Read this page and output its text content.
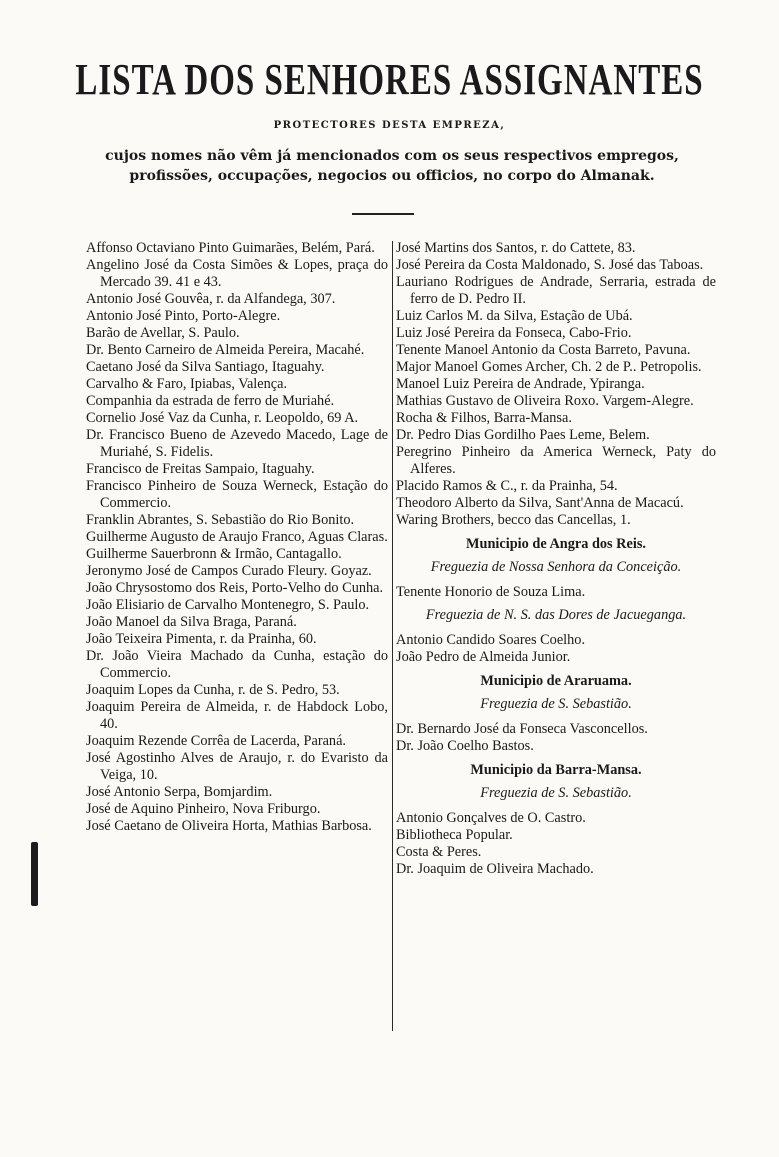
LISTA DOS SENHORES ASSIGNANTES
PROTECTORES DESTA EMPREZA,
cujos nomes não vêm já mencionados com os seus respectivos empregos, profissões, occupações, negocios ou officios, no corpo do Almanak.

Affonso Octaviano Pinto Guimarães, Belém, Pará.

Angelino José da Costa Simões & Lopes, praça do Mercado 39. 41 e 43.

Antonio José Gouvêa, r. da Alfandega, 307.

Antonio José Pinto, Porto-Alegre.

Barão de Avellar, S. Paulo.

Dr. Bento Carneiro de Almeida Pereira, Macahé.

Caetano José da Silva Santiago, Itaguahy.

Carvalho & Faro, Ipiabas, Valença.

Companhia da estrada de ferro de Muriahé.

Cornelio José Vaz da Cunha, r. Leopoldo, 69 A.

Dr. Francisco Bueno de Azevedo Macedo, Lage de Muriahé, S. Fidelis.

Francisco de Freitas Sampaio, Itaguahy.

Francisco Pinheiro de Souza Werneck, Estação do Commercio.

Franklin Abrantes, S. Sebastião do Rio Bonito.

Guilherme Augusto de Araujo Franco, Aguas Claras.

Guilherme Sauerbronn & Irmão, Cantagallo.

Jeronymo José de Campos Curado Fleury. Goyaz.

João Chrysostomo dos Reis, Porto-Velho do Cunha.

João Elisiario de Carvalho Montenegro, S. Paulo.

João Manoel da Silva Braga, Paraná.

João Teixeira Pimenta, r. da Prainha, 60.

Dr. João Vieira Machado da Cunha, estação do Commercio.

Joaquim Lopes da Cunha, r. de S. Pedro, 53.

Joaquim Pereira de Almeida, r. de Habdock Lobo, 40.

Joaquim Rezende Corrêa de Lacerda, Paraná.

José Agostinho Alves de Araujo, r. do Evaristo da Veiga, 10.

José Antonio Serpa, Bomjardim.

José de Aquino Pinheiro, Nova Friburgo.

José Caetano de Oliveira Horta, Mathias Barbosa.

José Martins dos Santos, r. do Cattete, 83.

José Pereira da Costa Maldonado, S. José das Taboas.

Lauriano Rodrigues de Andrade, Serraria, estrada de ferro de D. Pedro II.

Luiz Carlos M. da Silva, Estação de Ubá.

Luiz José Pereira da Fonseca, Cabo-Frio.

Tenente Manoel Antonio da Costa Barreto, Pavuna.

Major Manoel Gomes Archer, Ch. 2 de P.. Petropolis.

Manoel Luiz Pereira de Andrade, Ypiranga.

Mathias Gustavo de Oliveira Roxo. Vargem-Alegre.

Rocha & Filhos, Barra-Mansa.

Dr. Pedro Dias Gordilho Paes Leme, Belem.

Peregrino Pinheiro da America Werneck, Paty do Alferes.

Placido Ramos & C., r. da Prainha, 54.

Theodoro Alberto da Silva, Sant'Anna de Macacú.

Waring Brothers, becco das Cancellas, 1.

Municipio de Angra dos Reis.

Freguezia de Nossa Senhora da Conceição.

Tenente Honorio de Souza Lima.

Freguezia de N. S. das Dores de Jacueganga.

Antonio Candido Soares Coelho.

João Pedro de Almeida Junior.

Municipio de Araruama.

Freguezia de S. Sebastião.

Dr. Bernardo José da Fonseca Vasconcellos.

Dr. João Coelho Bastos.

Municipio da Barra-Mansa.

Freguezia de S. Sebastião.

Antonio Gonçalves de O. Castro.

Bibliotheca Popular.

Costa & Peres.

Dr. Joaquim de Oliveira Machado.
